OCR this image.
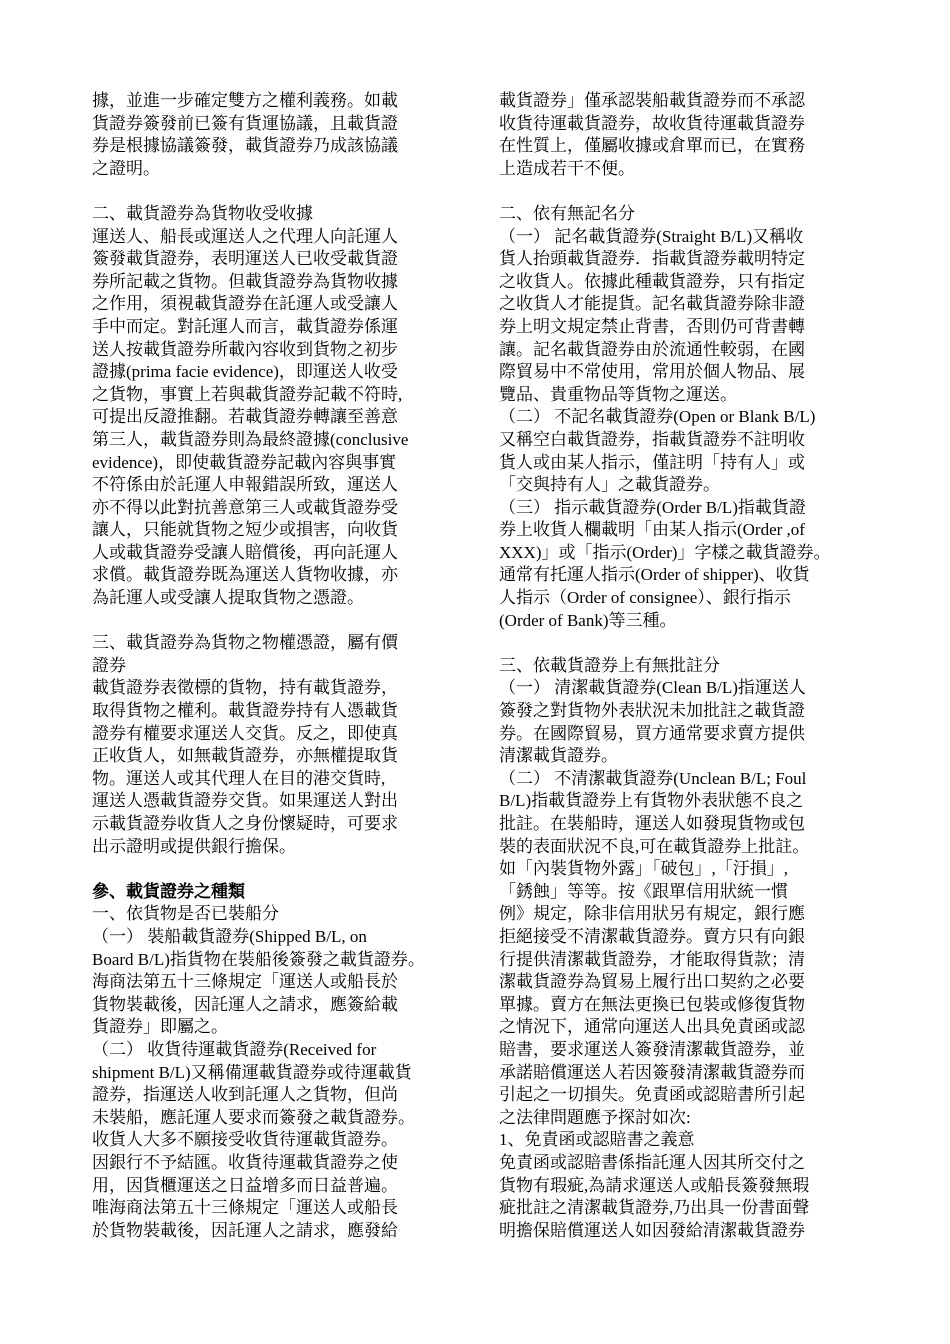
據，並進一步確定雙方之權利義務。如載
貨證券簽發前已簽有貨運協議，且載貨證
券是根據協議簽發，載貨證券乃成該協議
之證明。
二、載貨證券為貨物收受收據
運送人、船長或運送人之代理人向託運人
簽發載貨證券，表明運送人已收受載貨證
券所記載之貨物。但載貨證券為貨物收據
之作用，須視載貨證券在託運人或受讓人
手中而定。對託運人而言，載貨證券係運
送人按載貨證券所載內容收到貨物之初步
證據(prima facie evidence)，即運送人收受
之貨物，事實上若與載貨證券記載不符時,
可提出反證推翻。若載貨證券轉讓至善意
第三人，載貨證券則為最終證據(conclusive
evidence)，即使載貨證券記載內容與事實
不符係由於託運人申報錯誤所致，運送人
亦不得以此對抗善意第三人或載貨證券受
讓人，只能就貨物之短少或損害，向收貨
人或載貨證券受讓人賠償後，再向託運人
求償。載貨證券既為運送人貨物收據，亦
為託運人或受讓人提取貨物之憑證。
三、載貨證券為貨物之物權憑證，屬有價
證券
載貨證券表徵標的貨物，持有載貨證券，
取得貨物之權利。載貨證券持有人憑載貨
證券有權要求運送人交貨。反之，即使真
正收貨人，如無載貨證券，亦無權提取貨
物。運送人或其代理人在目的港交貨時,
運送人憑載貨證券交貨。如果運送人對出
示載貨證券收貨人之身份懷疑時，可要求
出示證明或提供銀行擔保。
參、載貨證券之種類
一、依貨物是否已裝船分
（一） 裝船載貨證券(Shipped B/L, on
Board B/L)指貨物在裝船後簽發之載貨證券。
海商法第五十三條規定「運送人或船長於
貨物裝載後，因託運人之請求，應簽給載
貨證券」即屬之。
（二） 收貨待運載貨證券(Received for
shipment B/L)又稱備運載貨證券或待運載貨
證券，指運送人收到託運人之貨物，但尚
未裝船，應託運人要求而簽發之載貨證券。
收貨人大多不願接受收貨待運載貨證券。
因銀行不予結匯。收貨待運載貨證券之使
用，因貨櫃運送之日益增多而日益普遍。
唯海商法第五十三條規定「運送人或船長
於貨物裝載後，因託運人之請求，應發給
載貨證券」僅承認裝船載貨證券而不承認
收貨待運載貨證券，故收貨待運載貨證券
在性質上，僅屬收據或倉單而已，在實務
上造成若干不便。
二、依有無記名分
（一） 記名載貨證券(Straight B/L)又稱收
貨人抬頭載貨證券．指載貨證券載明特定
之收貨人。依據此種載貨證券，只有指定
之收貨人才能提貨。記名載貨證券除非證
券上明文規定禁止背書，否則仍可背書轉
讓。記名載貨證券由於流通性較弱，在國
際貿易中不常使用，常用於個人物品、展
覽品、貴重物品等貨物之運送。
（二） 不記名載貨證券(Open or Blank B/L)
又稱空白載貨證券，指載貨證券不註明收
貨人或由某人指示，僅註明「持有人」或
「交與持有人」之載貨證券。
（三） 指示載貨證券(Order B/L)指載貨證
券上收貨人欄載明「由某人指示(Order ,of
XXX)」或「指示(Order)」字樣之載貨證券。
通常有托運人指示(Order of shipper)、收貨
人指示（Order of consignee）、銀行指示
(Order of Bank)等三種。
三、依載貨證券上有無批註分
（一） 清潔載貨證券(Clean B/L)指運送人
簽發之對貨物外表狀況未加批註之載貨證
券。在國際貿易，買方通常要求賣方提供
清潔載貨證券。
（二） 不清潔載貨證券(Unclean B/L; Foul
B/L)指載貨證券上有貨物外表狀態不良之
批註。在裝船時，運送人如發現貨物或包
裝的表面狀況不良,可在載貨證券上批註。
如「內裝貨物外露」「破包」,「汙損」,
「銹蝕」等等。按《跟單信用狀統一慣
例》規定，除非信用狀另有規定，銀行應
拒絕接受不清潔載貨證券。賣方只有向銀
行提供清潔載貨證券，才能取得貨款；清
潔載貨證券為貿易上履行出口契約之必要
單據。賣方在無法更換已包裝或修復貨物
之情況下，通常向運送人出具免責函或認
賠書，要求運送人簽發清潔載貨證券，並
承諾賠償運送人若因簽發清潔載貨證券而
引起之一切損失。免責函或認賠書所引起
之法律問題應予探討如次:
1、免責函或認賠書之義意
免責函或認賠書係指託運人因其所交付之
貨物有瑕疵,為請求運送人或船長簽發無瑕
疵批註之清潔載貨證券,乃出具一份書面聲
明擔保賠償運送人如因發給清潔載貨證券
